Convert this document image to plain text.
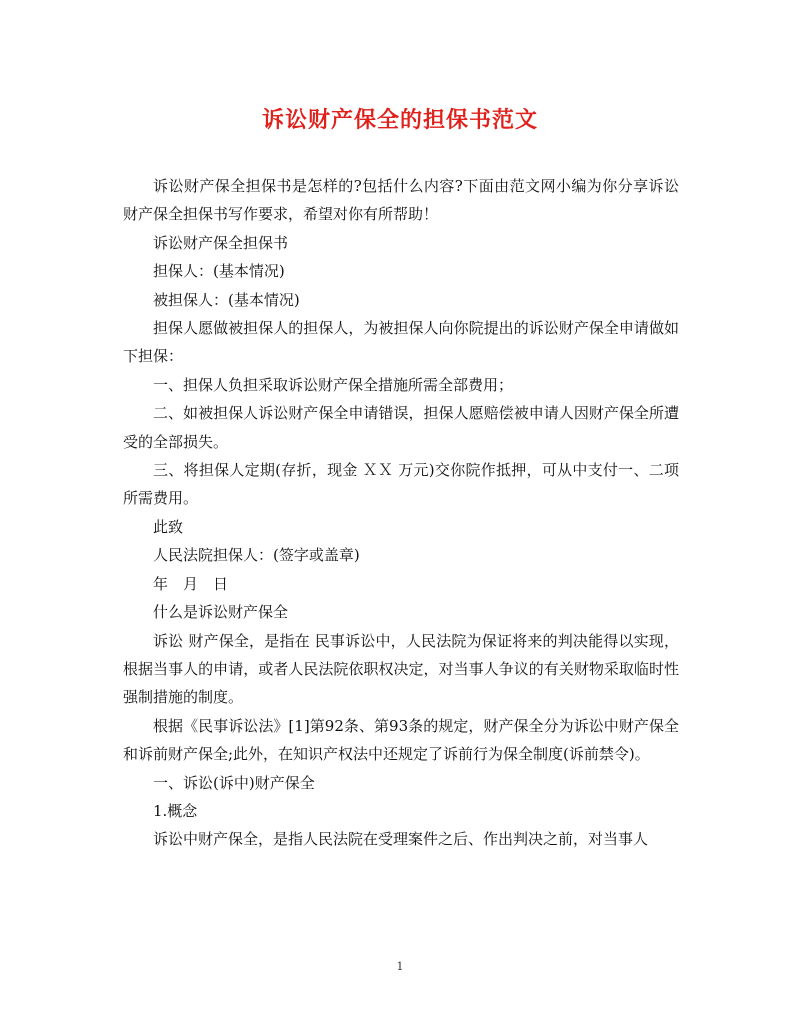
诉讼财产保全的担保书范文

诉讼财产保全担保书是怎样的?包括什么内容?下面由范文网小编为你分享诉讼财产保全担保书写作要求，希望对你有所帮助！

诉讼财产保全担保书

担保人：(基本情况)

被担保人：(基本情况)

担保人愿做被担保人的担保人，为被担保人向你院提出的诉讼财产保全申请做如下担保：

一、担保人负担采取诉讼财产保全措施所需全部费用；

二、如被担保人诉讼财产保全申请错误，担保人愿赔偿被申请人因财产保全所遭受的全部损失。

三、将担保人定期(存折，现金 ＸＸ 万元)交你院作抵押，可从中支付一、二项所需费用。

此致

人民法院担保人：(签字或盖章)

年　月　日

什么是诉讼财产保全

诉讼 财产保全，是指在 民事诉讼中，人民法院为保证将来的判决能得以实现，根据当事人的申请，或者人民法院依职权决定，对当事人争议的有关财物采取临时性 强制措施的制度。

根据《民事诉讼法》[1]第92条、第93条的规定，财产保全分为诉讼中财产保全和诉前财产保全;此外，在知识产权法中还规定了诉前行为保全制度(诉前禁令)。

一、诉讼(诉中)财产保全

1.概念

诉讼中财产保全，是指人民法院在受理案件之后、作出判决之前，对当事人

1
